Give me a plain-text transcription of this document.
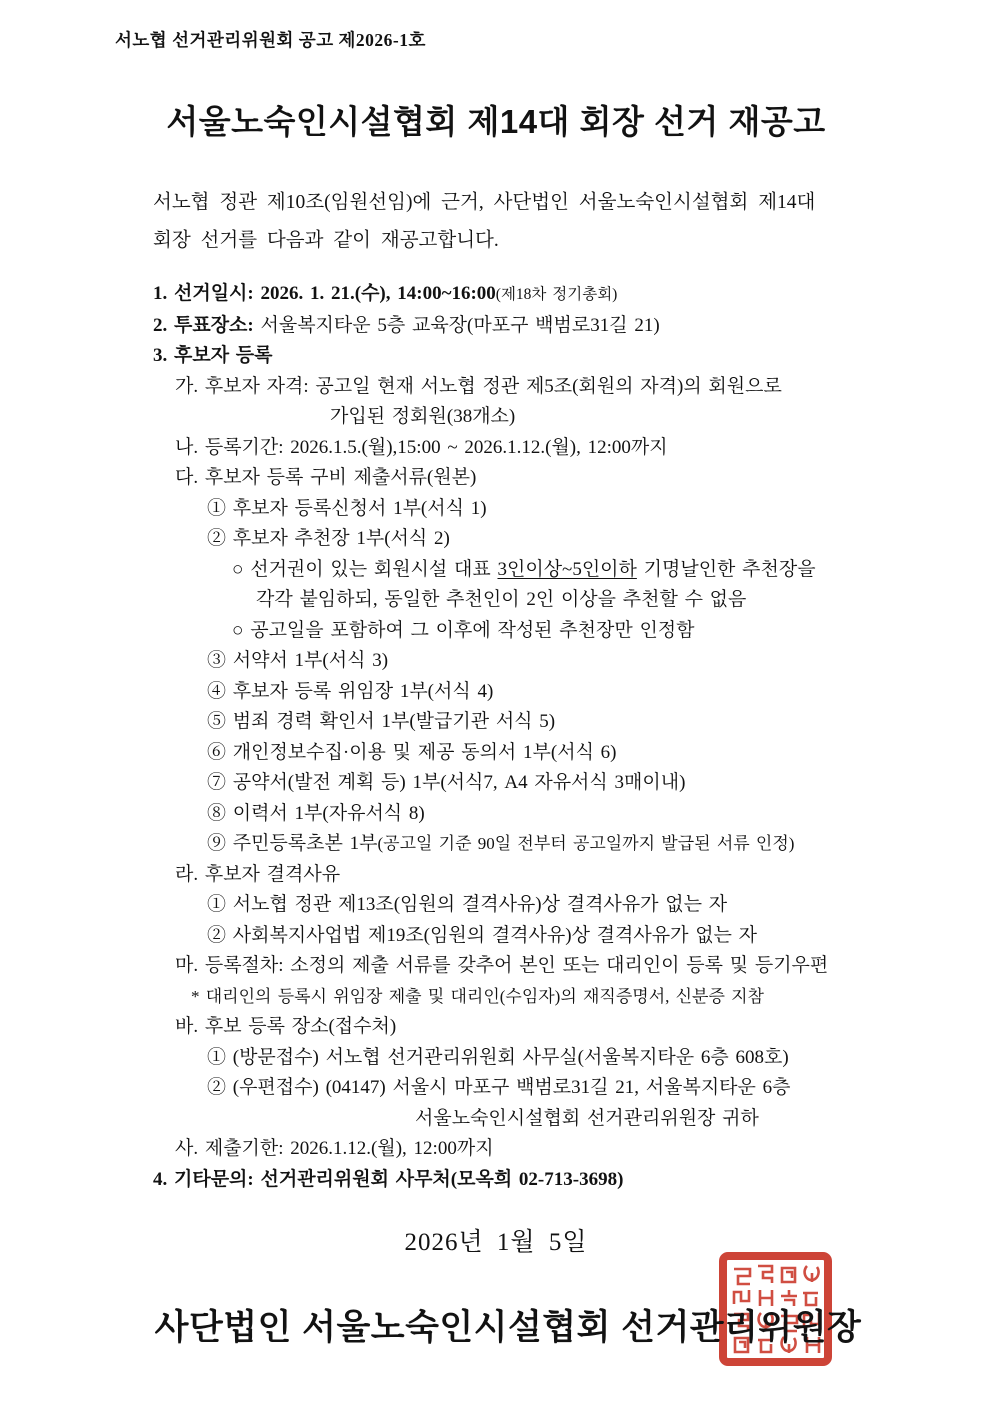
서노협 선거관리위원회 공고 제2026-1호
서울노숙인시설협회 제14대 회장 선거 재공고
서노협 정관 제10조(임원선임)에 근거, 사단법인 서울노숙인시설협회 제14대
회장 선거를 다음과 같이 재공고합니다.
1. 선거일시: 2026. 1. 21.(수), 14:00~16:00(제18차 정기총회)
2. 투표장소: 서울복지타운 5층 교육장(마포구 백범로31길 21)
3. 후보자 등록
가. 후보자 자격: 공고일 현재 서노협 정관 제5조(회원의 자격)의 회원으로
가입된 정회원(38개소)
나. 등록기간: 2026.1.5.(월),15:00 ~ 2026.1.12.(월), 12:00까지
다. 후보자 등록 구비 제출서류(원본)
① 후보자 등록신청서 1부(서식 1)
② 후보자 추천장 1부(서식 2)
○ 선거권이 있는 회원시설 대표 3인이상~5인이하 기명날인한 추천장을
각각 붙임하되, 동일한 추천인이 2인 이상을 추천할 수 없음
○ 공고일을 포함하여 그 이후에 작성된 추천장만 인정함
③ 서약서 1부(서식 3)
④ 후보자 등록 위임장 1부(서식 4)
⑤ 범죄 경력 확인서 1부(발급기관 서식 5)
⑥ 개인정보수집·이용 및 제공 동의서 1부(서식 6)
⑦ 공약서(발전 계획 등) 1부(서식7, A4 자유서식 3매이내)
⑧ 이력서 1부(자유서식 8)
⑨ 주민등록초본 1부(공고일 기준 90일 전부터 공고일까지 발급된 서류 인정)
라. 후보자 결격사유
① 서노협 정관 제13조(임원의 결격사유)상 결격사유가 없는 자
② 사회복지사업법 제19조(임원의 결격사유)상 결격사유가 없는 자
마. 등록절차: 소정의 제출 서류를 갖추어 본인 또는 대리인이 등록 및 등기우편
* 대리인의 등록시 위임장 제출 및 대리인(수임자)의 재직증명서, 신분증 지참
바. 후보 등록 장소(접수처)
① (방문접수) 서노협 선거관리위원회 사무실(서울복지타운 6층 608호)
② (우편접수) (04147) 서울시 마포구 백범로31길 21, 서울복지타운 6층
서울노숙인시설협회 선거관리위원장 귀하
사. 제출기한: 2026.1.12.(월), 12:00까지
4. 기타문의: 선거관리위원회 사무처(모옥희 02-713-3698)
2026년 1월 5일
사단법인 서울노숙인시설협회 선거관리위원장
